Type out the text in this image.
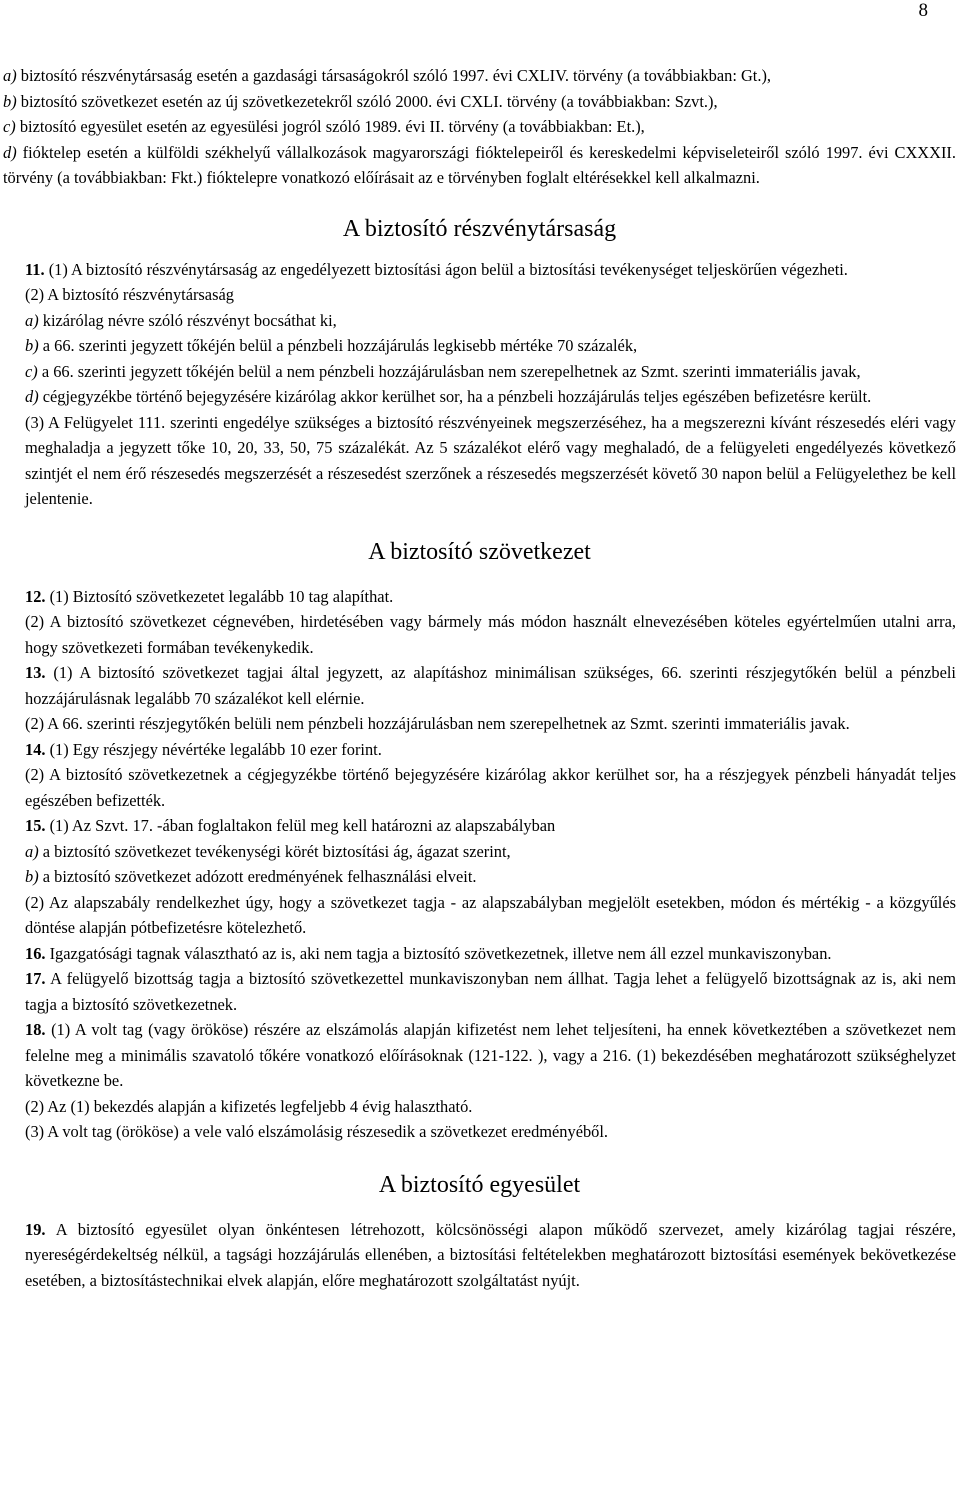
8

a) biztosító részvénytársaság esetén a gazdasági társaságokról szóló 1997. évi CXLIV. törvény (a továbbiakban: Gt.),

b) biztosító szövetkezet esetén az új szövetkezetekről szóló 2000. évi CXLI. törvény (a továbbiakban: Szvt.),

c) biztosító egyesület esetén az egyesülési jogról szóló 1989. évi II. törvény (a továbbiakban: Et.),

d) fióktelep esetén a külföldi székhelyű vállalkozások magyarországi fióktelepeiről és kereskedelmi képviseleteiről szóló 1997. évi CXXXII. törvény (a továbbiakban: Fkt.) fióktelepre vonatkozó előírásait az e törvényben foglalt eltérésekkel kell alkalmazni.

A biztosító részvénytársaság

11. (1) A biztosító részvénytársaság az engedélyezett biztosítási ágon belül a biztosítási tevékenységet teljeskörűen végezheti.

(2) A biztosító részvénytársaság

a) kizárólag névre szóló részvényt bocsáthat ki,

b) a 66. szerinti jegyzett tőkéjén belül a pénzbeli hozzájárulás legkisebb mértéke 70 százalék,

c) a 66. szerinti jegyzett tőkéjén belül a nem pénzbeli hozzájárulásban nem szerepelhetnek az Szmt. szerinti immateriális javak,

d) cégjegyzékbe történő bejegyzésére kizárólag akkor kerülhet sor, ha a pénzbeli hozzájárulás teljes egészében befizetésre került.

(3) A Felügyelet 111. szerinti engedélye szükséges a biztosító részvényeinek megszerzéséhez, ha a megszerezni kívánt részesedés eléri vagy meghaladja a jegyzett tőke 10, 20, 33, 50, 75 százalékát. Az 5 százalékot elérő vagy meghaladó, de a felügyeleti engedélyezés következő szintjét el nem érő részesedés megszerzését a részesedést szerzőnek a részesedés megszerzését követő 30 napon belül a Felügyelethez be kell jelentenie.

A biztosító szövetkezet

12. (1) Biztosító szövetkezetet legalább 10 tag alapíthat.

(2) A biztosító szövetkezet cégnevében, hirdetésében vagy bármely más módon használt elnevezésében köteles egyértelműen utalni arra, hogy szövetkezeti formában tevékenykedik.

13. (1) A biztosító szövetkezet tagjai által jegyzett, az alapításhoz minimálisan szükséges, 66. szerinti részjegytőkén belül a pénzbeli hozzájárulásnak legalább 70 százalékot kell elérnie.

(2) A 66. szerinti részjegytőkén belüli nem pénzbeli hozzájárulásban nem szerepelhetnek az Szmt. szerinti immateriális javak.

14. (1) Egy részjegy névértéke legalább 10 ezer forint.

(2) A biztosító szövetkezetnek a cégjegyzékbe történő bejegyzésére kizárólag akkor kerülhet sor, ha a részjegyek pénzbeli hányadát teljes egészében befizették.

15. (1) Az Szvt. 17. -ában foglaltakon felül meg kell határozni az alapszabályban

a) a biztosító szövetkezet tevékenységi körét biztosítási ág, ágazat szerint,

b) a biztosító szövetkezet adózott eredményének felhasználási elveit.

(2) Az alapszabály rendelkezhet úgy, hogy a szövetkezet tagja - az alapszabályban megjelölt esetekben, módon és mértékig - a közgyűlés döntése alapján pótbefizetésre kötelezhető.

16. Igazgatósági tagnak választható az is, aki nem tagja a biztosító szövetkezetnek, illetve nem áll ezzel munkaviszonyban.

17. A felügyelő bizottság tagja a biztosító szövetkezettel munkaviszonyban nem állhat. Tagja lehet a felügyelő bizottságnak az is, aki nem tagja a biztosító szövetkezetnek.

18. (1) A volt tag (vagy örököse) részére az elszámolás alapján kifizetést nem lehet teljesíteni, ha ennek következtében a szövetkezet nem felelne meg a minimális szavatoló tőkére vonatkozó előírásoknak (121-122. ), vagy a 216. (1) bekezdésében meghatározott szükséghelyzet következne be.

(2) Az (1) bekezdés alapján a kifizetés legfeljebb 4 évig halasztható.

(3) A volt tag (örököse) a vele való elszámolásig részesedik a szövetkezet eredményéből.

A biztosító egyesület

19. A biztosító egyesület olyan önkéntesen létrehozott, kölcsönösségi alapon működő szervezet, amely kizárólag tagjai részére, nyereségérdekeltség nélkül, a tagsági hozzájárulás ellenében, a biztosítási feltételekben meghatározott biztosítási események bekövetkezése esetében, a biztosítástechnikai elvek alapján, előre meghatározott szolgáltatást nyújt.
